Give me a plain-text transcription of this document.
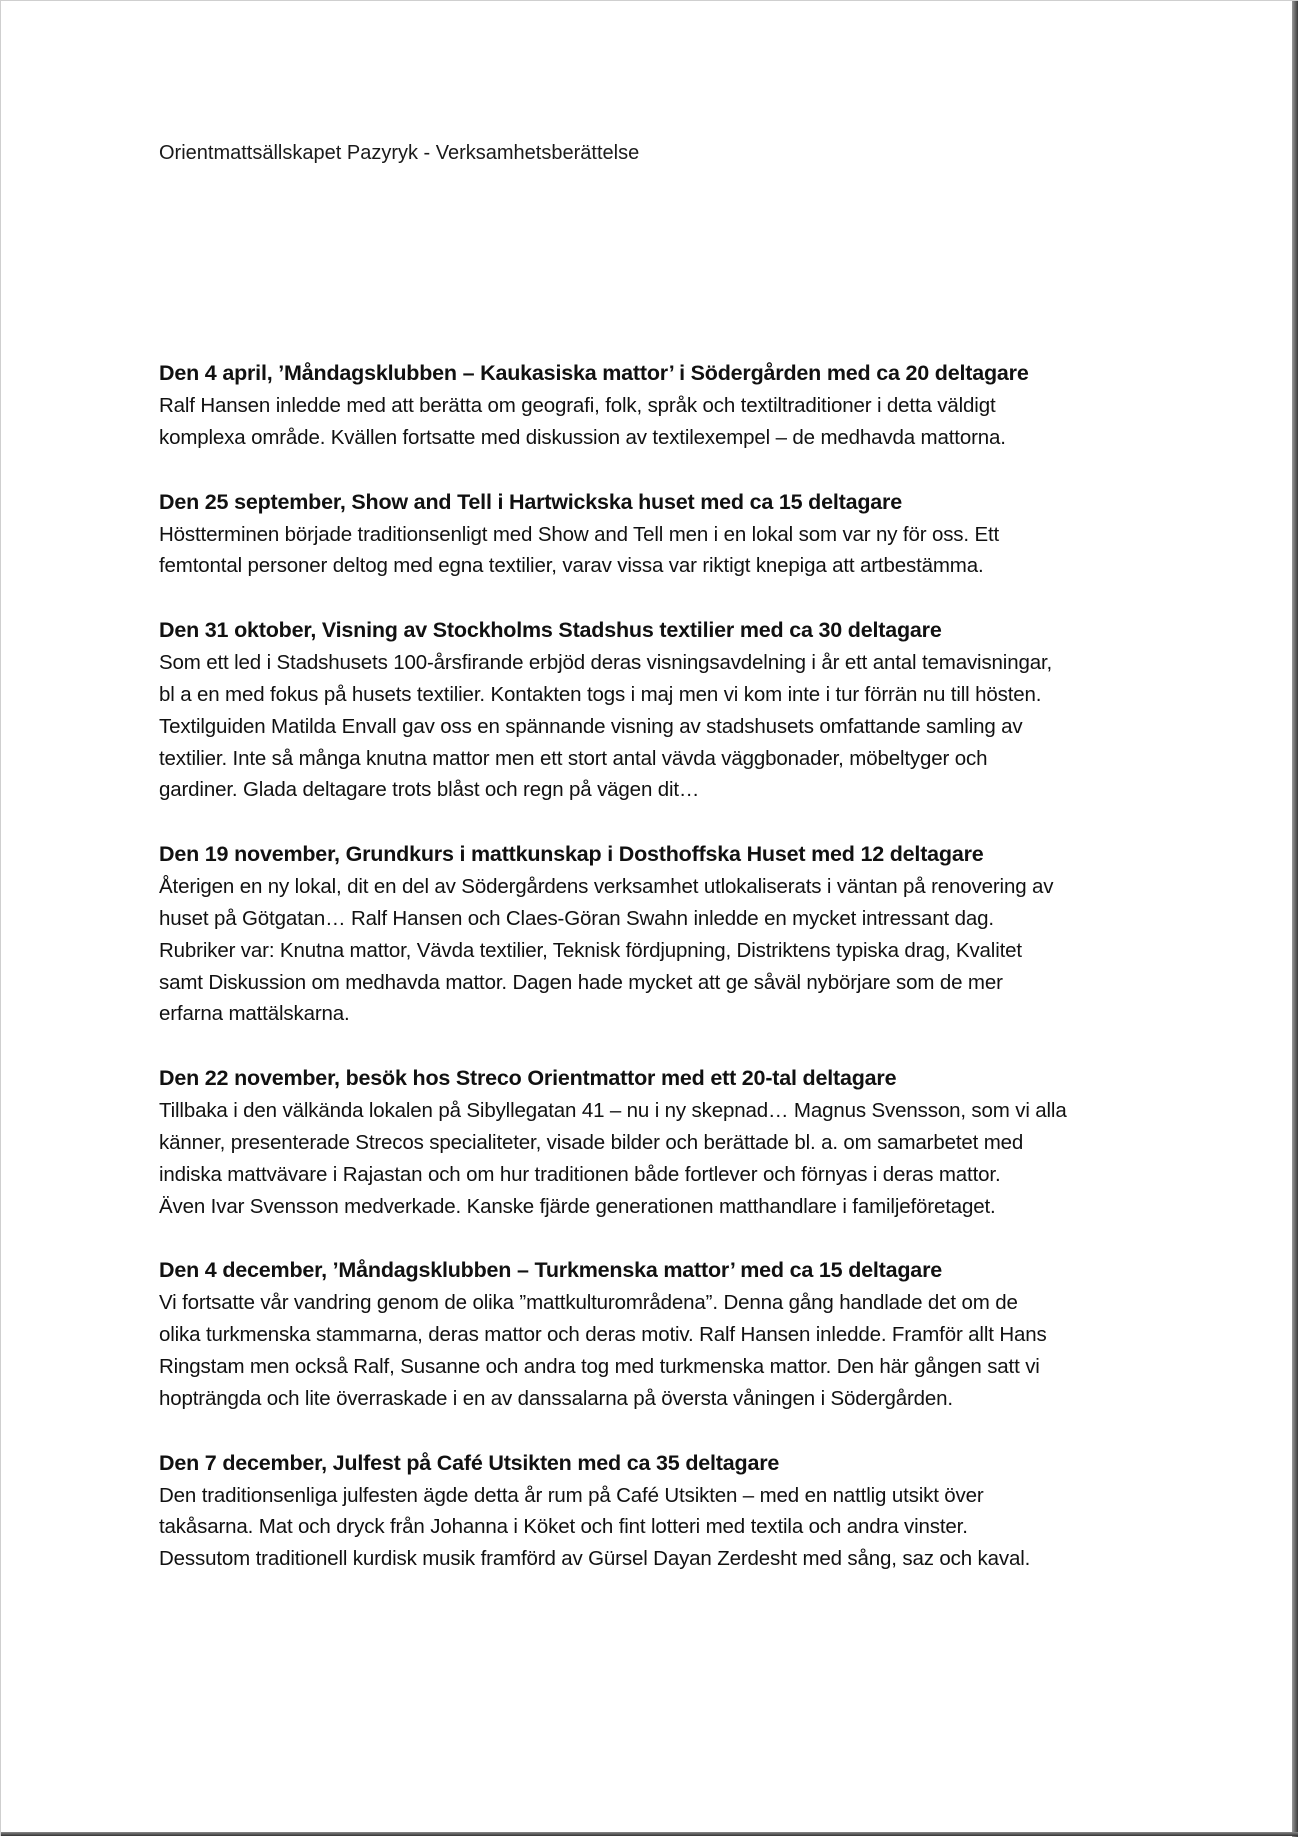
Orientmattsällskapet Pazyryk - Verksamhetsberättelse
Den 4 april, ’Måndagsklubben – Kaukasiska mattor’ i Södergården med ca 20 deltagare
Ralf Hansen inledde med att berätta om geografi, folk, språk och textiltraditioner i detta väldigt
komplexa område. Kvällen fortsatte med diskussion av textilexempel – de medhavda mattorna.
Den 25 september, Show and Tell i Hartwickska huset med ca 15 deltagare
Höstterminen började traditionsenligt med Show and Tell men i en lokal som var ny för oss. Ett
femtontal personer deltog med egna textilier, varav vissa var riktigt knepiga att artbestämma.
Den 31 oktober, Visning av Stockholms Stadshus textilier med ca 30 deltagare
Som ett led i Stadshusets 100-årsfirande erbjöd deras visningsavdelning i år ett antal temavisningar,
bl a en med fokus på husets textilier. Kontakten togs i maj men vi kom inte i tur förrän nu till hösten.
Textilguiden Matilda Envall gav oss en spännande visning av stadshusets omfattande samling av
textilier. Inte så många knutna mattor men ett stort antal vävda väggbonader, möbeltyger och
gardiner. Glada deltagare trots blåst och regn på vägen dit…
Den 19 november, Grundkurs i mattkunskap i Dosthoffska Huset med 12 deltagare
Återigen en ny lokal, dit en del av Södergårdens verksamhet utlokaliserats i väntan på renovering av
huset på Götgatan… Ralf Hansen och Claes-Göran Swahn inledde en mycket intressant dag.
Rubriker var: Knutna mattor, Vävda textilier, Teknisk fördjupning, Distriktens typiska drag, Kvalitet
samt Diskussion om medhavda mattor. Dagen hade mycket att ge såväl nybörjare som de mer
erfarna mattälskarna.
Den 22 november, besök hos Streco Orientmattor med ett 20-tal deltagare
Tillbaka i den välkända lokalen på Sibyllegatan 41 – nu i ny skepnad… Magnus Svensson, som vi alla
känner, presenterade Strecos specialiteter, visade bilder och berättade bl. a. om samarbetet med
indiska mattvävare i Rajastan och om hur traditionen både fortlever och förnyas i deras mattor.
Även Ivar Svensson medverkade. Kanske fjärde generationen matthandlare i familjeföretaget.
Den 4 december, ’Måndagsklubben – Turkmenska mattor’ med ca 15 deltagare
Vi fortsatte vår vandring genom de olika ”mattkulturområdena”. Denna gång handlade det om de
olika turkmenska stammarna, deras mattor och deras motiv. Ralf Hansen inledde. Framför allt Hans
Ringstam men också Ralf, Susanne och andra tog med turkmenska mattor. Den här gången satt vi
hopträngda och lite överraskade i en av danssalarna på översta våningen i Södergården.
Den 7 december, Julfest på Café Utsikten med ca 35 deltagare
Den traditionsenliga julfesten ägde detta år rum på Café Utsikten – med en nattlig utsikt över
takåsarna. Mat och dryck från Johanna i Köket och fint lotteri med textila och andra vinster.
Dessutom traditionell kurdisk musik framförd av Gürsel Dayan Zerdesht med sång, saz och kaval.
